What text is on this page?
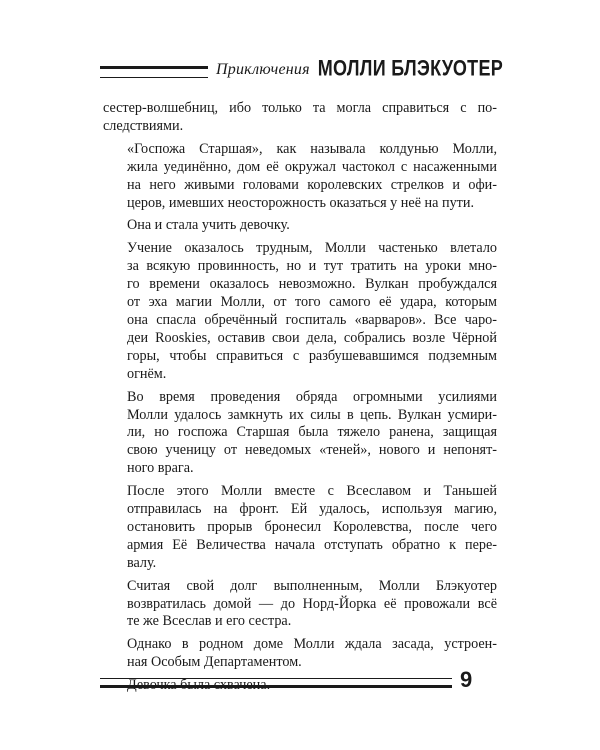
Приключения МОЛЛИ БЛЭКУОТЕР

сестер-волшебниц, ибо только та могла справиться с по-
следствиями.

«Госпожа Старшая», как называла колдунью Молли,
жила уединённо, дом её окружал частокол с насаженными
на него живыми головами королевских стрелков и офи-
церов, имевших неосторожность оказаться у неё на пути.

Она и стала учить девочку.

Учение оказалось трудным, Молли частенько влетало
за всякую провинность, но и тут тратить на уроки мно-
го времени оказалось невозможно. Вулкан пробуждался
от эха магии Молли, от того самого её удара, которым
она спасла обречённый госпиталь «варваров». Все чаро-
деи Rooskies, оставив свои дела, собрались возле Чёрной
горы, чтобы справиться с разбушевавшимся подземным
огнём.

Во время проведения обряда огромными усилиями
Молли удалось замкнуть их силы в цепь. Вулкан усмири-
ли, но госпожа Старшая была тяжело ранена, защищая
свою ученицу от неведомых «теней», нового и непонят-
ного врага.

После этого Молли вместе с Всеславом и Таньшей
отправилась на фронт. Ей удалось, используя магию,
остановить прорыв бронесил Королевства, после чего
армия Её Величества начала отступать обратно к пере-
валу.

Считая свой долг выполненным, Молли Блэкуотер
возвратилась домой — до Норд-Йорка её провожали всё
те же Всеслав и его сестра.

Однако в родном доме Молли ждала засада, устроен-
ная Особым Департаментом.

Девочка была схвачена.	9
